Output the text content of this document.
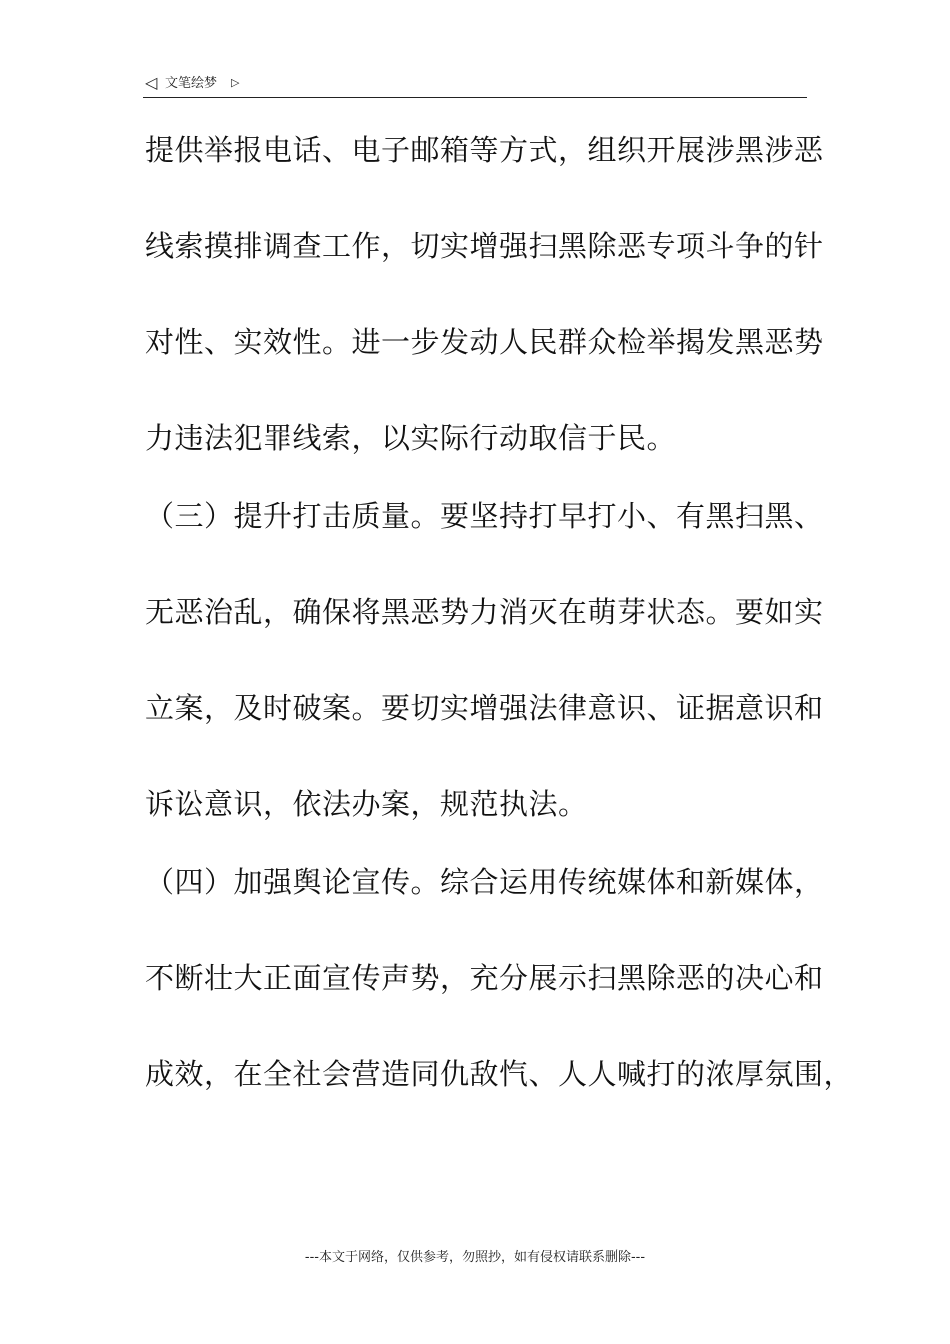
◁ 文笔绘梦 ▷
提供举报电话、电子邮箱等方式，组织开展涉黑涉恶
线索摸排调查工作，切实增强扫黑除恶专项斗争的针
对性、实效性。进一步发动人民群众检举揭发黑恶势
力违法犯罪线索，以实际行动取信于民。
（三）提升打击质量。要坚持打早打小、有黑扫黑、
无恶治乱，确保将黑恶势力消灭在萌芽状态。要如实
立案，及时破案。要切实增强法律意识、证据意识和
诉讼意识，依法办案，规范执法。
（四）加强舆论宣传。综合运用传统媒体和新媒体，
不断壮大正面宣传声势，充分展示扫黑除恶的决心和
成效，在全社会营造同仇敌忾、人人喊打的浓厚氛围，
---本文于网络，仅供参考，勿照抄，如有侵权请联系删除---
